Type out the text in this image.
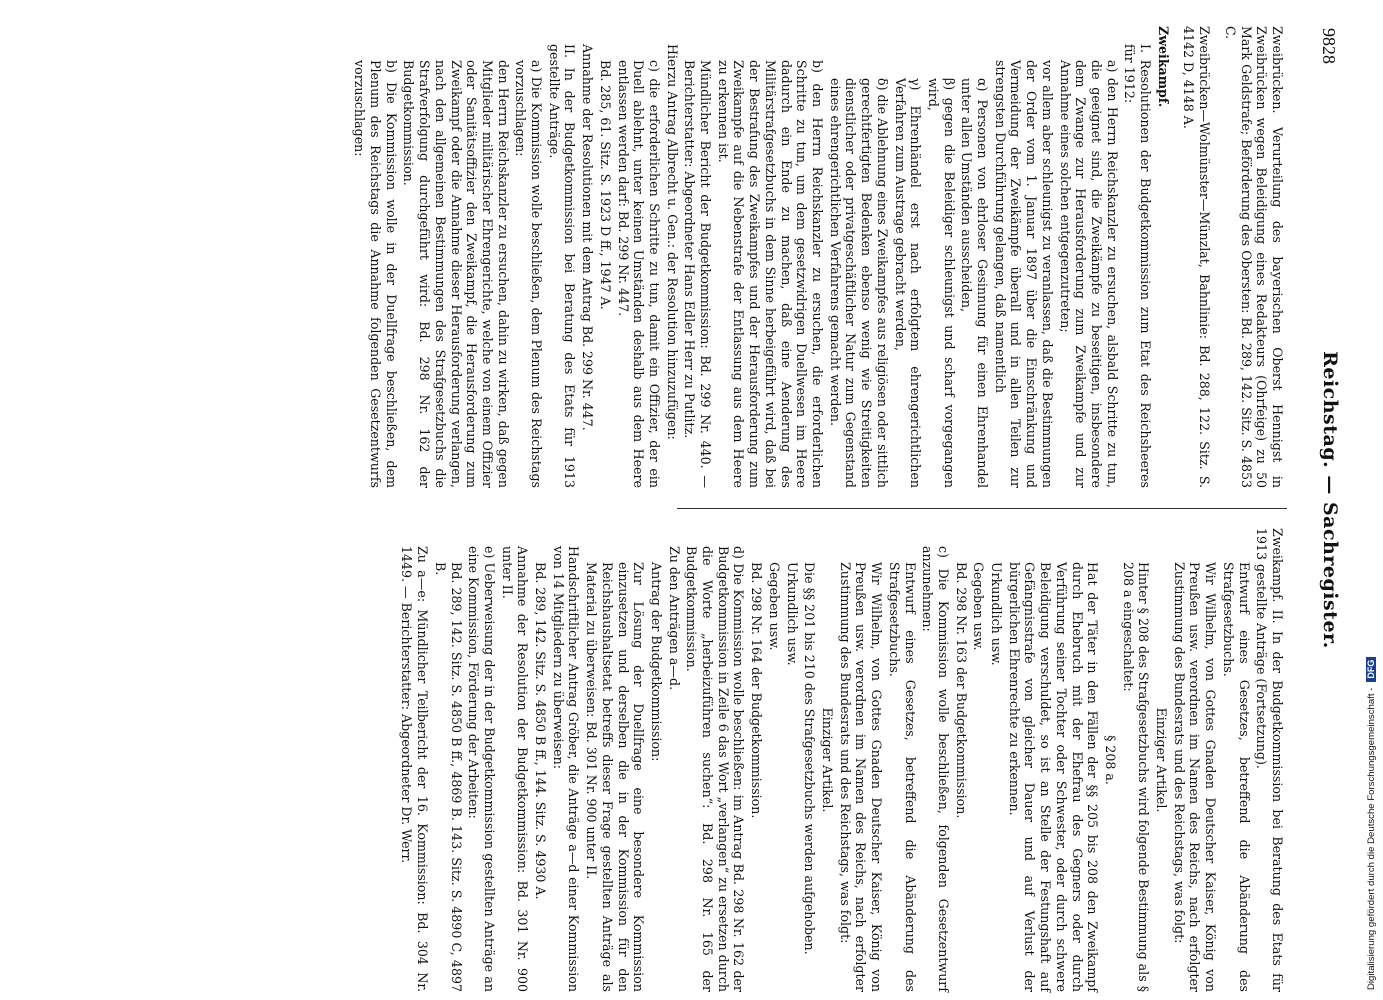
9828
Reichstag. — Sachregister.

Zweibrücken. Verurteilung des bayerischen Oberst Hennigst in Zweibrücken wegen Beleidigung eines Redakteurs (Ohrfeige) zu 50 Mark Geldstrafe; Beförderung des Obersten: Bd. 289, 142. Sitz. S. 4853 C.

Zweibrücken—Wolmünster—Münzlat, Bahnlinie: Bd. 288, 122. Sitz. S. 4142 D, 4148 A.

Zweikampf.

I. Resolutionen der Budgetkommission zum Etat des Reichsheeres für 1912:

a) den Herrn Reichskanzler zu ersuchen, alsbald Schritte zu tun, die geeignet sind, die Zweikämpfe zu beseitigen, insbesondere dem Zwange zur Herausforderung zum Zweikampfe und zur Annahme eines solchen entgegenzutreten;

vor allem aber schleunigst zu veranlassen, daß die Bestimmungen der Order vom 1. Januar 1897 über die Einschränkung und Vermeidung der Zweikämpfe überall und in allen Teilen zur strengsten Durchführung gelangen, daß namentlich

α) Personen von ehrloser Gesinnung für einen Ehrenhandel unter allen Umständen ausscheiden,

β) gegen die Beleidiger schleunigst und scharf vorgegangen wird,

γ) Ehrenhändel erst nach erfolgtem ehrengerichtlichen Verfahren zum Austrage gebracht werden,

δ) die Ablehnung eines Zweikampfes aus religiösen oder sittlich gerechtfertigten Bedenken ebenso wenig wie Streitigkeiten dienstlicher oder privatgeschäftlicher Natur zum Gegenstand eines ehrengerichtlichen Verfahrens gemacht werden.

b) den Herrn Reichskanzler zu ersuchen, die erforderlichen Schritte zu tun, um dem gesetzwidrigen Duellwesen im Heere dadurch ein Ende zu machen, daß eine Aenderung des Militärstrafgesetzbuchs in dem Sinne herbeigeführt wird, daß bei der Bestrafung des Zweikampfes und der Herausforderung zum Zweikampfe auf die Nebenstrafe der Entlassung aus dem Heere zu erkennen ist.

Mündlicher Bericht der Budgetkommission: Bd. 299 Nr. 440. — Berichterstatter: Abgeordneter Hans Edler Herr zu Putlitz.

Hierzu Antrag Albrecht u. Gen.: der Resolution hinzuzufügen:

c) die erforderlichen Schritte zu tun, damit ein Offizier, der ein Duell ablehnt, unter keinen Umständen deshalb aus dem Heere entlassen werden darf: Bd. 299 Nr. 447.

Bd. 285, 61. Sitz. S. 1923 D ff., 1947 A.

Annahme der Resolutionen mit dem Antrag Bd. 299 Nr. 447.

II. In der Budgetkommission bei Beratung des Etats für 1913 gestellte Anträge.

a) Die Kommission wolle beschließen, dem Plenum des Reichstags vorzuschlagen:

den Herrn Reichskanzler zu ersuchen, dahin zu wirken, daß gegen Mitglieder militärischer Ehrengerichte, welche von einem Offizier oder Sanitätsoffizier den Zweikampf, die Herausforderung zum Zweikampf oder die Annahme dieser Herausforderung verlangen, nach den allgemeinen Bestimmungen des Strafgesetzbuchs die Strafverfolgung durchgeführt wird: Bd. 298 Nr. 162 der Budgetkommission.

b) Die Kommission wolle in der Duellfrage beschließen, dem Plenum des Reichstags die Annahme folgenden Gesetzentwurfs vorzuschlagen:

Zweikampf. II. In der Budgetkommission bei Beratung des Etats für 1913 gestellte Anträge (Fortsetzung).

Entwurf eines Gesetzes, betreffend die Abänderung des Strafgesetzbuchs.

Wir Wilhelm, von Gottes Gnaden Deutscher Kaiser, König von Preußen usw. verordnen im Namen des Reichs, nach erfolgter Zustimmung des Bundesrats und des Reichstags, was folgt:

Einziger Artikel.

Hinter § 208 des Strafgesetzbuchs wird folgende Bestimmung als § 208 a eingeschaltet:

§ 208 a.

Hat der Täter in den Fällen der §§ 205 bis 208 den Zweikampf durch Ehebruch mit der Ehefrau des Gegners oder durch Verführung seiner Tochter oder Schwester, oder durch schwere Beleidigung verschuldet, so ist an Stelle der Festungshaft auf Gefängnisstrafe von gleicher Dauer und auf Verlust der bürgerlichen Ehrenrechte zu erkennen.

Urkundlich usw.

Gegeben usw.

Bd. 298 Nr. 163 der Budgetkommission.

c) Die Kommission wolle beschließen, folgenden Gesetzentwurf anzunehmen:

Entwurf eines Gesetzes, betreffend die Abänderung des Strafgesetzbuchs.

Wir Wilhelm, von Gottes Gnaden Deutscher Kaiser, König von Preußen usw. verordnen im Namen des Reichs, nach erfolgter Zustimmung des Bundesrats und des Reichstags, was folgt:

Einziger Artikel.

Die §§ 201 bis 210 des Strafgesetzbuchs werden aufgehoben.

Urkundlich usw.

Gegeben usw.

Bd. 298 Nr. 164 der Budgetkommission.

d) Die Kommission wolle beschließen: im Antrag Bd. 298 Nr. 162 der Budgetkommission in Zeile 6 das Wort „verlangen“ zu ersetzen durch die Worte „herbeizuführen suchen“: Bd. 298 Nr. 165 der Budgetkommission.

Zu den Anträgen a—d.

Antrag der Budgetkommission:

Zur Lösung der Duellfrage eine besondere Kommission einzusetzen und derselben die in der Kommission für den Reichshaushaltsetat betreffs dieser Frage gestellten Anträge als Material zu überweisen: Bd. 301 Nr. 900 unter II.

Handschriftlicher Antrag Gröber, die Anträge a—d einer Kommission von 14 Mitgliedern zu überweisen:

Bd. 289, 142. Sitz. S. 4850 B ff., 144. Sitz. S. 4930 A.

Annahme der Resolution der Budgetkommission: Bd. 301 Nr. 900 unter II.

e) Ueberweisung der in der Budgetkommission gestellten Anträge an eine Kommission, Förderung der Arbeiten:

Bd. 289, 142. Sitz. S. 4850 B ff., 4869 B. 143. Sitz. S. 4890 C, 4897 B.

Zu a—e: Mündlicher Teilbericht der 16. Kommission: Bd. 304 Nr. 1449. — Berichterstatter: Abgeordneter Dr. Werr.	Digitalisierung gefördert durch die Deutsche Forschungsgemeinschaft -DFG
